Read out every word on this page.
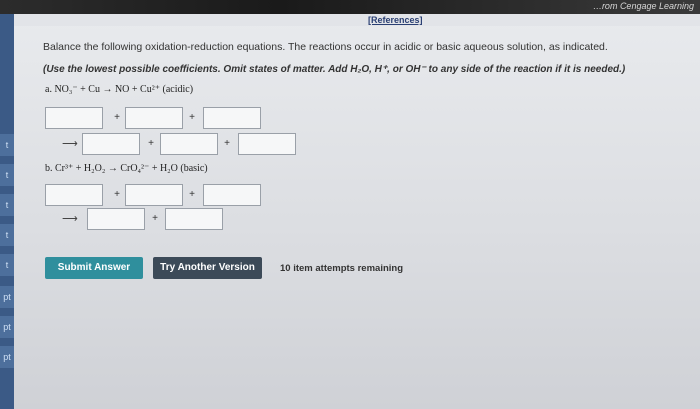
…rom Cengage Learning
t
t
t
t
t
pt
pt
pt
[References]
Balance the following oxidation-reduction equations. The reactions occur in acidic or basic aqueous solution, as indicated.
(Use the lowest possible coefficients. Omit states of matter. Add H₂O, H⁺, or OH⁻ to any side of the reaction if it is needed.)
a. NO₃⁻ + Cu → NO + Cu²⁺ (acidic)
+	+
⟶	+	+
b. Cr³⁺ + H₂O₂ → CrO₄²⁻ + H₂O (basic)
+	+
⟶	+
Submit Answer	Try Another Version	10 item attempts remaining
